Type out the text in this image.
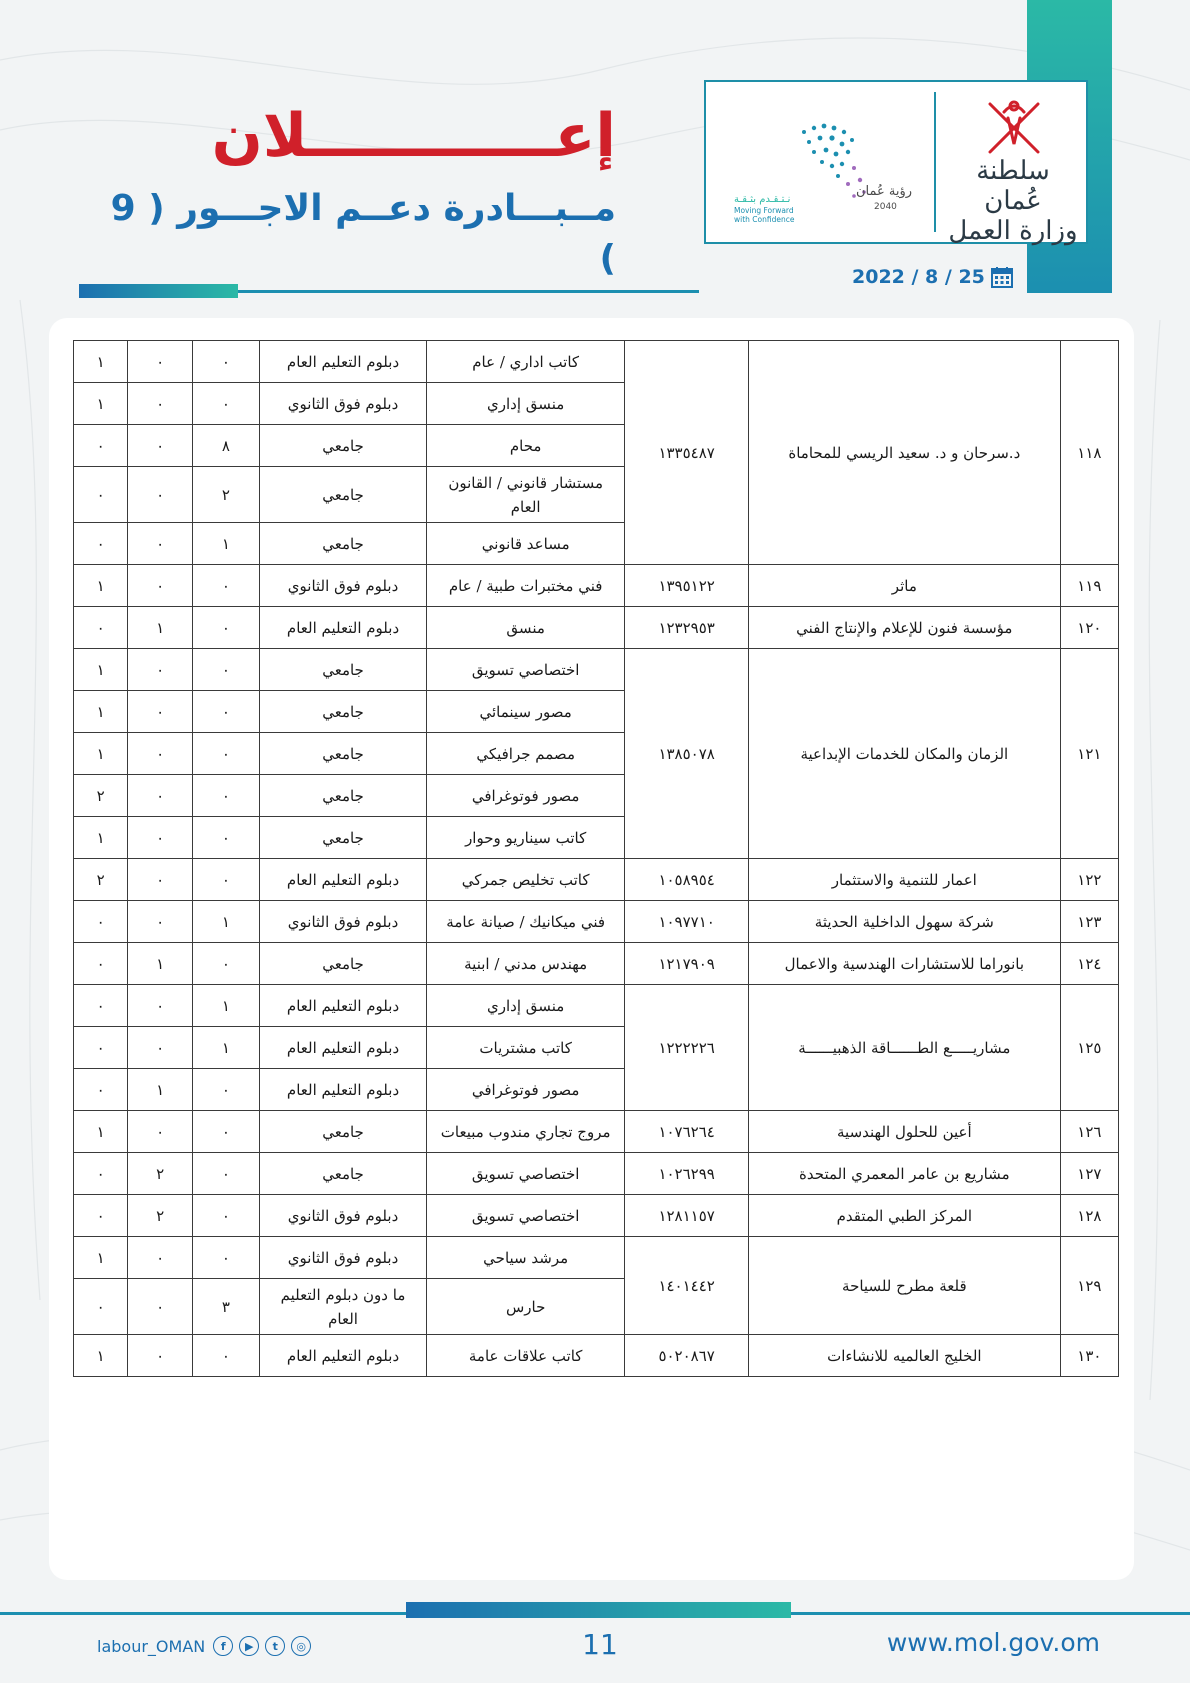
سلطنة عُمان
وزارة العمل
رؤية عُمان
2040
نـتـقـدم بثـقـة
Moving Forward
with Confidence
2022 / 8 / 25
إعــــــــــــلان
مــبـــادرة دعــم الاجـــور ( 9 )
١١٨	د.سرحان و د. سعيد الريسي للمحاماة	١٣٣٥٤٨٧	كاتب اداري / عام	دبلوم التعليم العام	٠	٠	١
			منسق إداري	دبلوم فوق الثانوي	٠	٠	١
			محام	جامعي	٨	٠	٠
			مستشار قانوني / القانون العام	جامعي	٢	٠	٠
			مساعد قانوني	جامعي	١	٠	٠
١١٩	ماثر	١٣٩٥١٢٢	فني مختبرات طبية / عام	دبلوم فوق الثانوي	٠	٠	١
١٢٠	مؤسسة فنون للإعلام والإنتاج الفني	١٢٣٢٩٥٣	منسق	دبلوم التعليم العام	٠	١	٠
١٢١	الزمان والمكان للخدمات الإبداعية	١٣٨٥٠٧٨	اختصاصي تسويق	جامعي	٠	٠	١
			مصور سينمائي	جامعي	٠	٠	١
			مصمم جرافيكي	جامعي	٠	٠	١
			مصور فوتوغرافي	جامعي	٠	٠	٢
			كاتب سيناريو وحوار	جامعي	٠	٠	١
١٢٢	اعمار للتنمية والاستثمار	١٠٥٨٩٥٤	كاتب تخليص جمركي	دبلوم التعليم العام	٠	٠	٢
١٢٣	شركة سهول الداخلية الحديثة	١٠٩٧٧١٠	فني ميكانيك / صيانة عامة	دبلوم فوق الثانوي	١	٠	٠
١٢٤	بانوراما للاستشارات الهندسية والاعمال	١٢١٧٩٠٩	مهندس مدني / ابنية	جامعي	٠	١	٠
١٢٥	مشاريـــــع الطــــــاقة الذهبيــــــة	١٢٢٢٢٢٦	منسق إداري	دبلوم التعليم العام	١	٠	٠
			كاتب مشتريات	دبلوم التعليم العام	١	٠	٠
			مصور فوتوغرافي	دبلوم التعليم العام	٠	١	٠
١٢٦	أعين للحلول الهندسية	١٠٧٦٢٦٤	مروج تجاري مندوب مبيعات	جامعي	٠	٠	١
١٢٧	مشاريع بن عامر المعمري المتحدة	١٠٢٦٢٩٩	اختصاصي تسويق	جامعي	٠	٢	٠
١٢٨	المركز الطبي المتقدم	١٢٨١١٥٧	اختصاصي تسويق	دبلوم فوق الثانوي	٠	٢	٠
١٢٩	قلعة مطرح للسياحة	١٤٠١٤٤٢	مرشد سياحي	دبلوم فوق الثانوي	٠	٠	١
			حارس	ما دون دبلوم التعليم العام	٣	٠	٠
١٣٠	الخليج العالميه للانشاءات	٥٠٢٠٨٦٧	كاتب علاقات عامة	دبلوم التعليم العام	٠	٠	١
labour_OMAN	f	▶	t	◎	11	www.mol.gov.om
